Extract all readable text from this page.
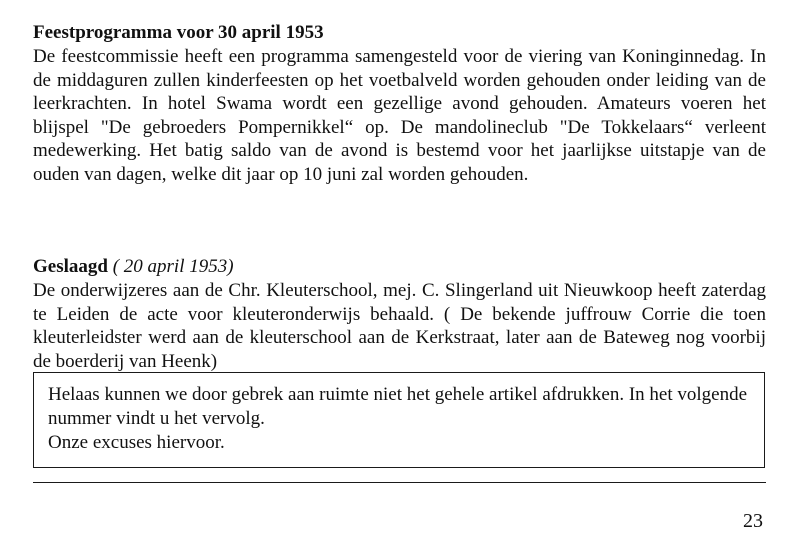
Feestprogramma voor 30 april 1953

De feestcommissie heeft een programma samengesteld voor de viering van Koninginnedag. In de middaguren zullen kinderfeesten op het voetbalveld worden gehouden onder leiding van de leerkrachten. In hotel Swama wordt een gezellige avond gehouden. Amateurs voeren het blijspel "De gebroeders Pompernikkel“ op. De mandolineclub "De Tokkelaars“ verleent medewerking. Het batig saldo van de avond is bestemd voor het jaarlijkse uitstapje van de ouden van dagen, welke dit jaar op 10 juni zal worden gehouden.

Geslaagd ( 20 april 1953)

De onderwijzeres aan de Chr. Kleuterschool, mej. C. Slingerland uit Nieuwkoop heeft zaterdag te Leiden de acte voor kleuteronderwijs behaald. ( De bekende juffrouw Corrie die toen kleuterleidster werd aan de kleuterschool aan de Kerkstraat, later aan de Bateweg nog voorbij de boerderij van Heenk)

Helaas kunnen we door gebrek aan ruimte niet het gehele artikel afdrukken. In het volgende nummer vindt u het vervolg.

Onze excuses hiervoor.

23
